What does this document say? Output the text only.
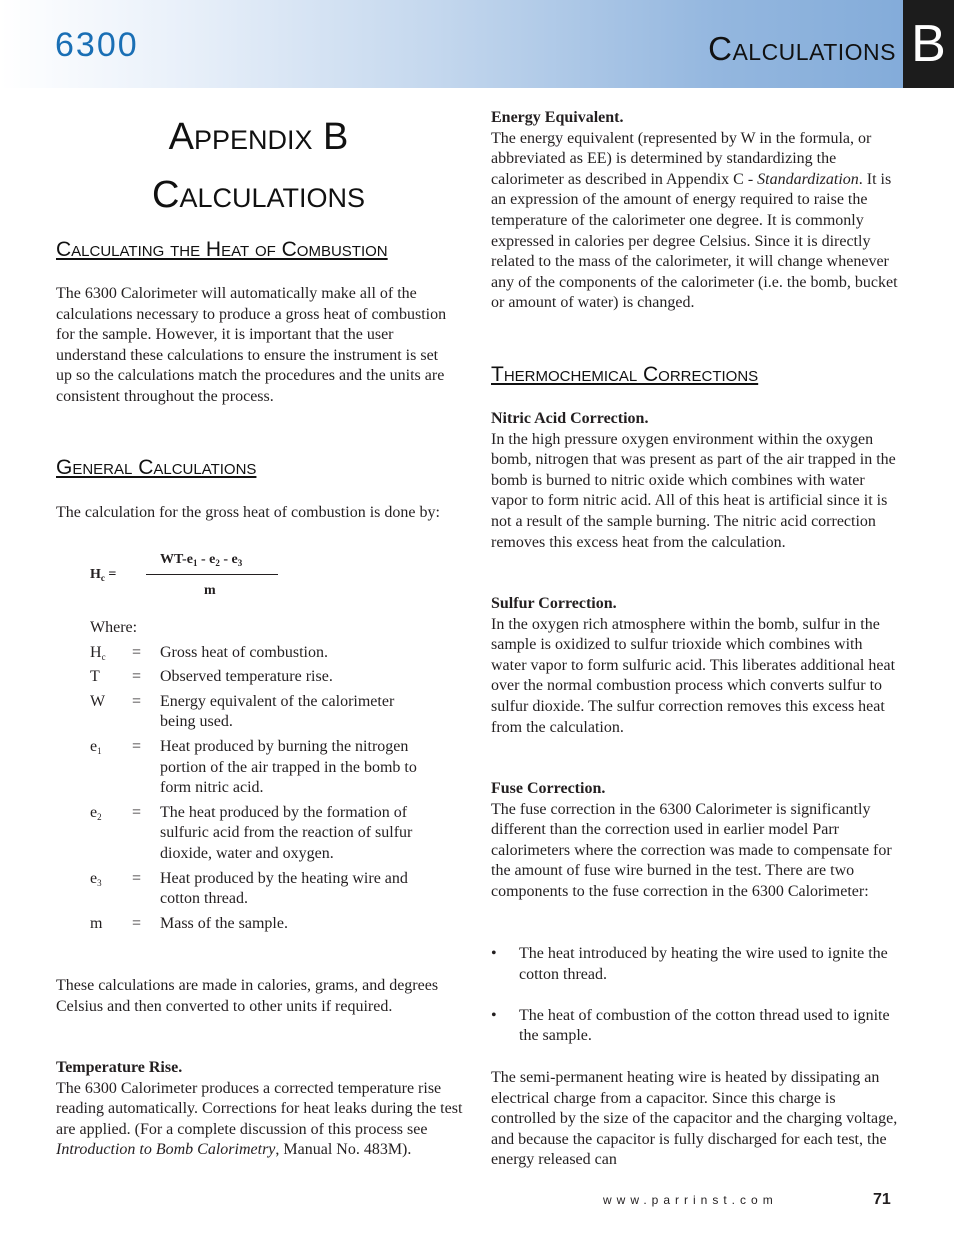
6300	Calculations B
Appendix B
Calculations
Calculating the Heat of Combustion

The 6300 Calorimeter will automatically make all of the calculations necessary to produce a gross heat of combustion for the sample. However, it is important that the user understand these calculations to ensure the instrument is set up so the calculations match the procedures and the units are consistent throughout the process.

General Calculations

The calculation for the gross heat of combustion is done by:

$H_c$ =
$WT-e_1 - e_2 - e_3$
m
Where:
$H_c$ = Gross heat of combustion.
T = Observed temperature rise.
W = Energy equivalent of the calorimeter being used.
$e_1$ = Heat produced by burning the nitrogen portion of the air trapped in the bomb to form nitric acid.
$e_2$ = The heat produced by the formation of sulfuric acid from the reaction of sulfur dioxide, water and oxygen.
$e_3$ = Heat produced by the heating wire and cotton thread.
m = Mass of the sample.

These calculations are made in calories, grams, and degrees Celsius and then converted to other units if required.

Temperature Rise.
The 6300 Calorimeter produces a corrected temperature rise reading automatically. Corrections for heat leaks during the test are applied. (For a complete discussion of this process see Introduction to Bomb Calorimetry, Manual No. 483M).
Energy Equivalent.
The energy equivalent (represented by W in the formula, or abbreviated as EE) is determined by standardizing the calorimeter as described in Appendix C - Standardization. It is an expression of the amount of energy required to raise the temperature of the calorimeter one degree. It is commonly expressed in calories per degree Celsius. Since it is directly related to the mass of the calorimeter, it will change whenever any of the components of the calorimeter (i.e. the bomb, bucket or amount of water) is changed.
Thermochemical Corrections
Nitric Acid Correction.
In the high pressure oxygen environment within the oxygen bomb, nitrogen that was present as part of the air trapped in the bomb is burned to nitric oxide which combines with water vapor to form nitric acid. All of this heat is artificial since it is not a result of the sample burning. The nitric acid correction removes this excess heat from the calculation.
Sulfur Correction.
In the oxygen rich atmosphere within the bomb, sulfur in the sample is oxidized to sulfur trioxide which combines with water vapor to form sulfuric acid. This liberates additional heat over the normal combustion process which converts sulfur to sulfur dioxide. The sulfur correction removes this excess heat from the calculation.
Fuse Correction.
The fuse correction in the 6300 Calorimeter is significantly different than the correction used in earlier model Parr calorimeters where the correction was made to compensate for the amount of fuse wire burned in the test. There are two components to the fuse correction in the 6300 Calorimeter:
• The heat introduced by heating the wire used to ignite the cotton thread.
• The heat of combustion of the cotton thread used to ignite the sample.

The semi-permanent heating wire is heated by dissipating an electrical charge from a capacitor. Since this charge is controlled by the size of the capacitor and the charging voltage, and because the capacitor is fully discharged for each test, the energy released can

www.parrinst.com	71
